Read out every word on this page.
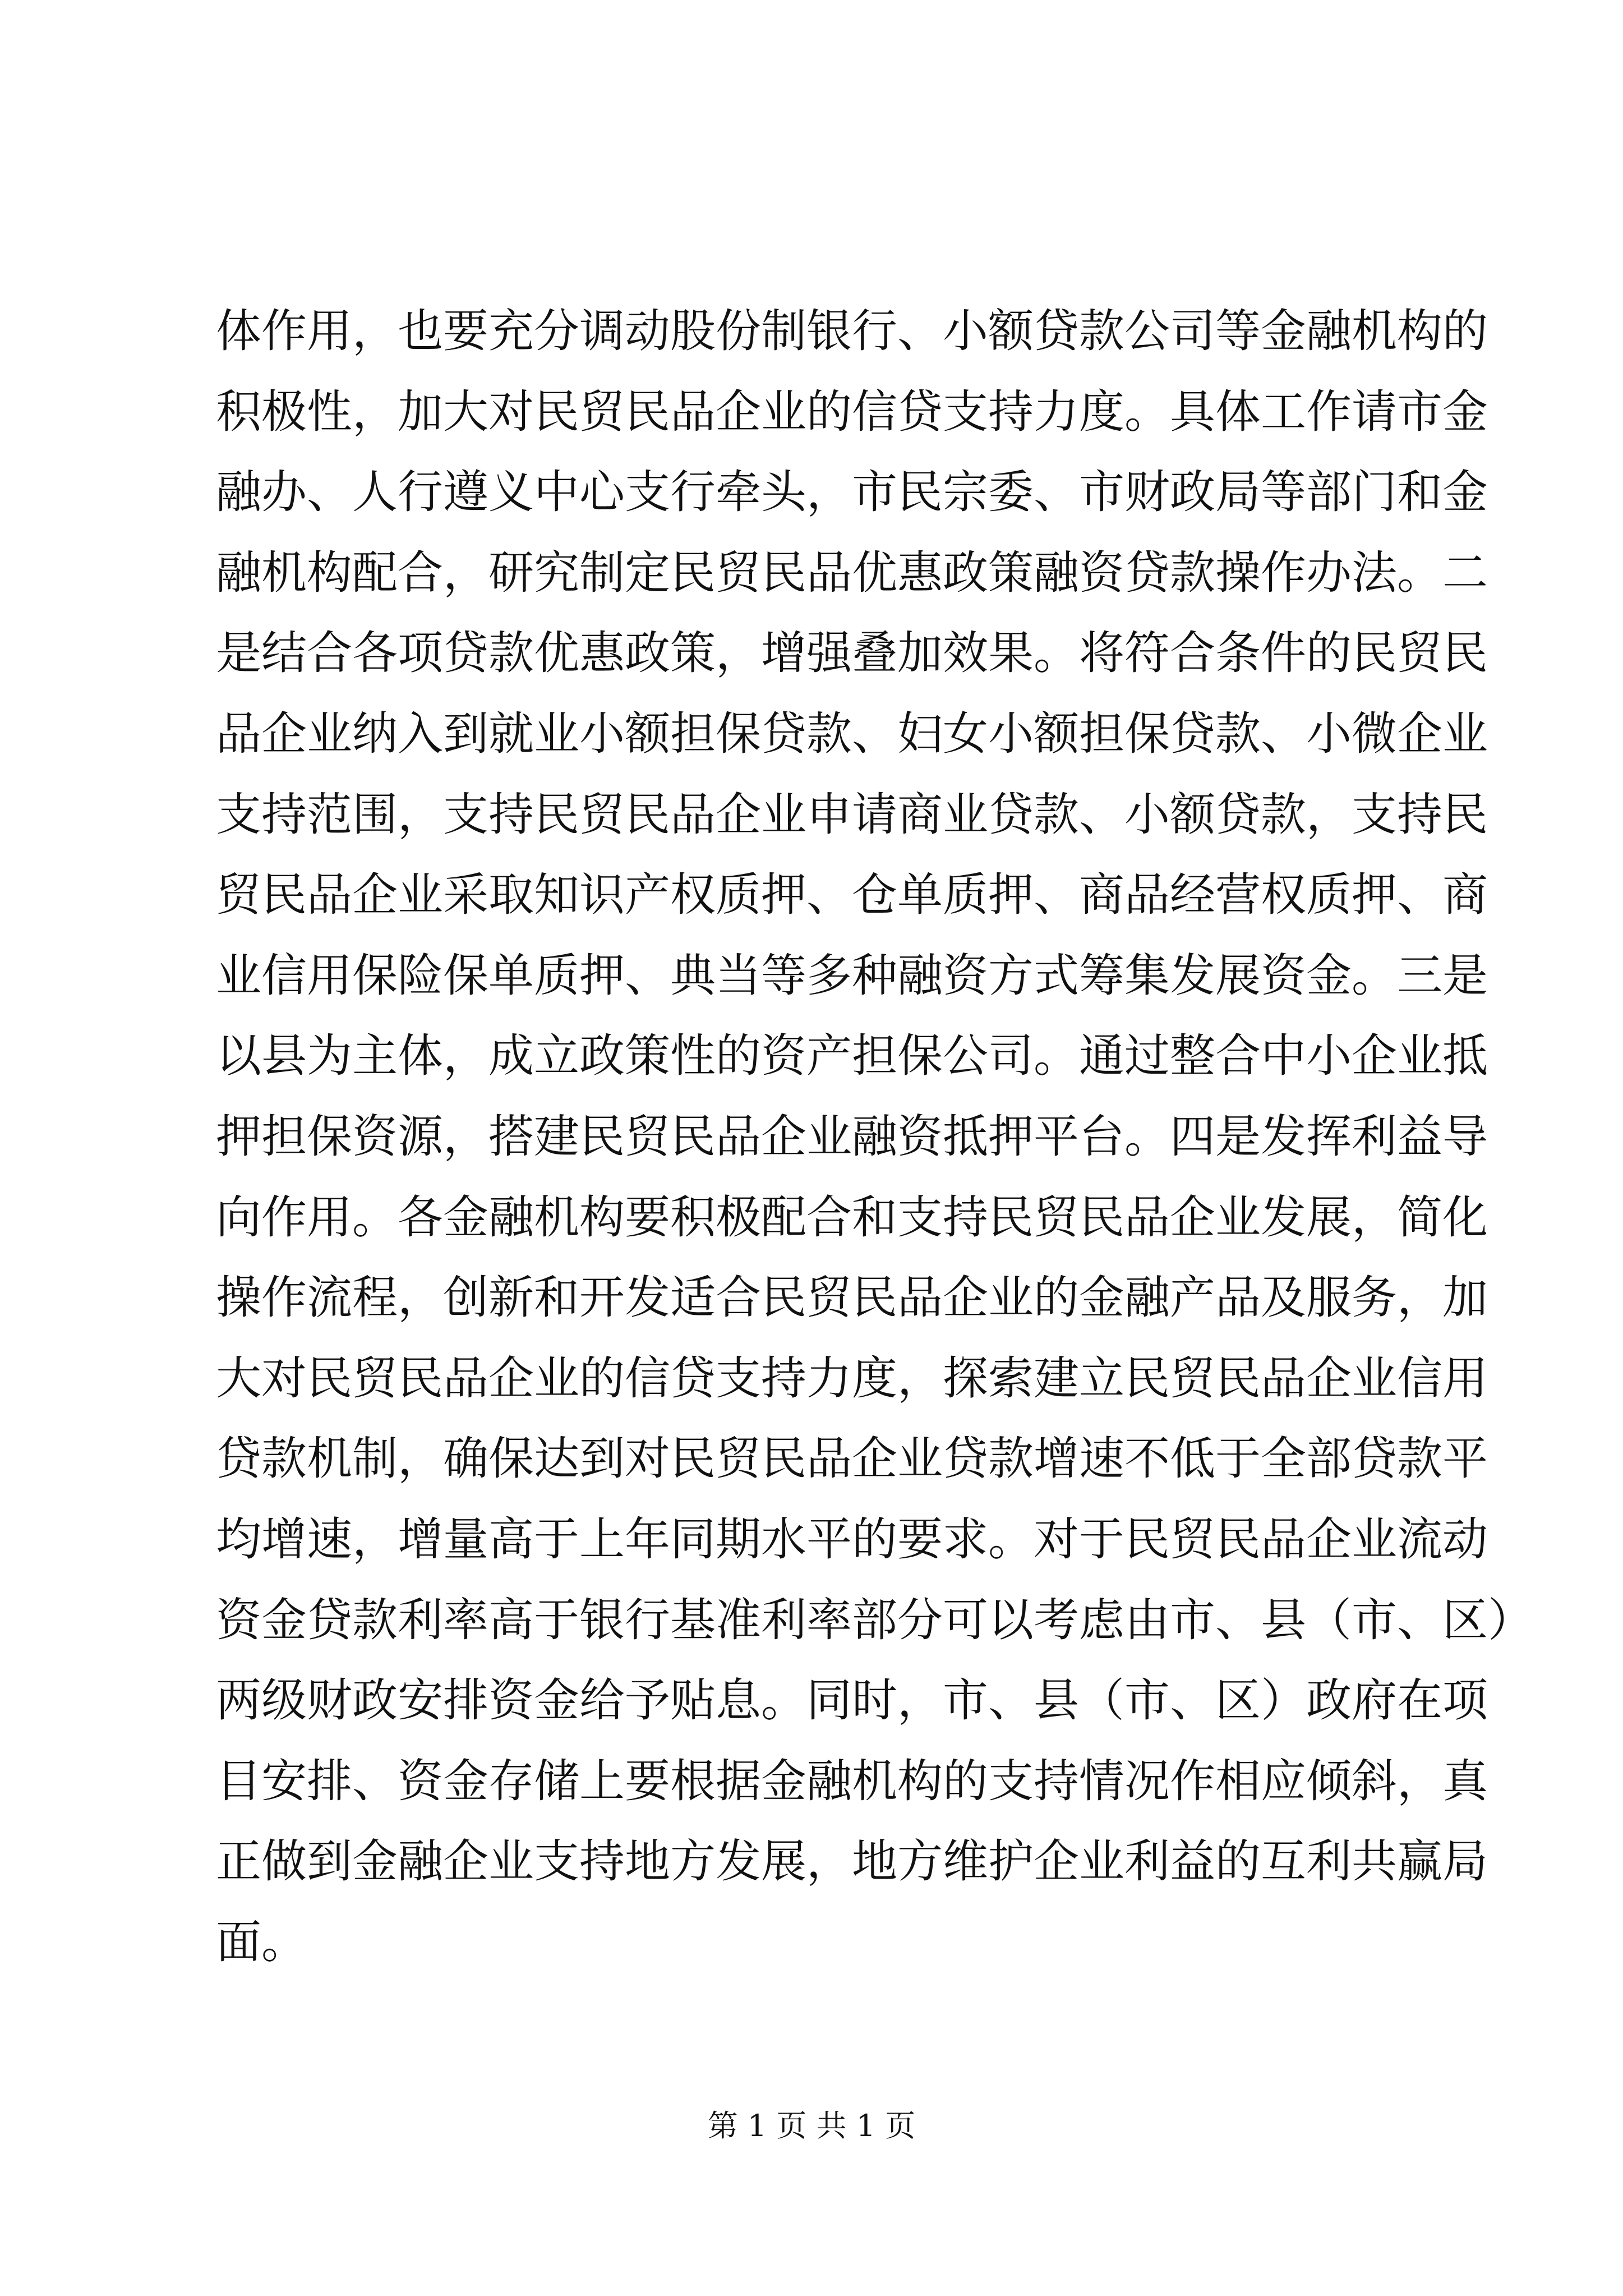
体作用，也要充分调动股份制银行、小额贷款公司等金融机构的
积极性，加大对民贸民品企业的信贷支持力度。具体工作请市金
融办、人行遵义中心支行牵头，市民宗委、市财政局等部门和金
融机构配合，研究制定民贸民品优惠政策融资贷款操作办法。二
是结合各项贷款优惠政策，增强叠加效果。将符合条件的民贸民
品企业纳入到就业小额担保贷款、妇女小额担保贷款、小微企业
支持范围，支持民贸民品企业申请商业贷款、小额贷款，支持民
贸民品企业采取知识产权质押、仓单质押、商品经营权质押、商
业信用保险保单质押、典当等多种融资方式筹集发展资金。三是
以县为主体，成立政策性的资产担保公司。通过整合中小企业抵
押担保资源，搭建民贸民品企业融资抵押平台。四是发挥利益导
向作用。各金融机构要积极配合和支持民贸民品企业发展，简化
操作流程，创新和开发适合民贸民品企业的金融产品及服务，加
大对民贸民品企业的信贷支持力度，探索建立民贸民品企业信用
贷款机制，确保达到对民贸民品企业贷款增速不低于全部贷款平
均增速，增量高于上年同期水平的要求。对于民贸民品企业流动
资金贷款利率高于银行基准利率部分可以考虑由市、县（市、区）
两级财政安排资金给予贴息。同时，市、县（市、区）政府在项
目安排、资金存储上要根据金融机构的支持情况作相应倾斜，真
正做到金融企业支持地方发展，地方维护企业利益的互利共赢局
面。
第 1 页 共 1 页
